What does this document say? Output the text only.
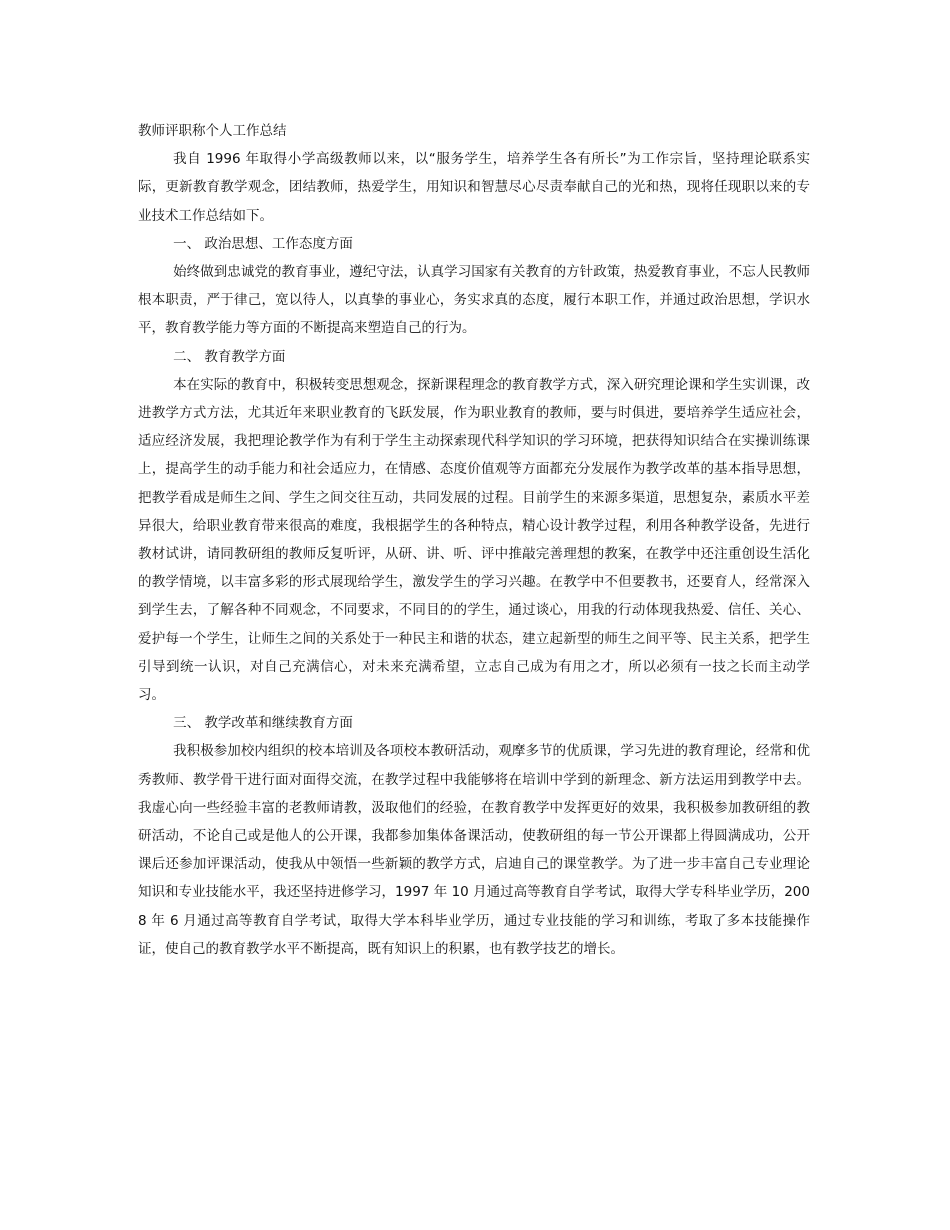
教师评职称个人工作总结

我自 1996 年取得小学高级教师以来，以“服务学生，培养学生各有所长”为工作宗旨，坚持理论联系实际，更新教育教学观念，团结教师，热爱学生，用知识和智慧尽心尽责奉献自己的光和热，现将任现职以来的专业技术工作总结如下。

一、 政治思想、工作态度方面

始终做到忠诚党的教育事业，遵纪守法，认真学习国家有关教育的方针政策，热爱教育事业，不忘人民教师根本职责，严于律己，宽以待人，以真挚的事业心，务实求真的态度，履行本职工作，并通过政治思想，学识水平，教育教学能力等方面的不断提高来塑造自己的行为。

二、 教育教学方面

本在实际的教育中，积极转变思想观念，探新课程理念的教育教学方式，深入研究理论课和学生实训课，改进教学方式方法，尤其近年来职业教育的飞跃发展，作为职业教育的教师，要与时俱进，要培养学生适应社会，适应经济发展，我把理论教学作为有利于学生主动探索现代科学知识的学习环境，把获得知识结合在实操训练课上，提高学生的动手能力和社会适应力，在情感、态度价值观等方面都充分发展作为教学改革的基本指导思想，把教学看成是师生之间、学生之间交往互动，共同发展的过程。目前学生的来源多渠道，思想复杂，素质水平差异很大，给职业教育带来很高的难度，我根据学生的各种特点，精心设计教学过程，利用各种教学设备，先进行教材试讲，请同教研组的教师反复听评，从研、讲、听、评中推敲完善理想的教案，在教学中还注重创设生活化的教学情境，以丰富多彩的形式展现给学生，激发学生的学习兴趣。在教学中不但要教书，还要育人，经常深入到学生去，了解各种不同观念，不同要求，不同目的的学生，通过谈心，用我的行动体现我热爱、信任、关心、爱护每一个学生，让师生之间的关系处于一种民主和谐的状态，建立起新型的师生之间平等、民主关系，把学生引导到统一认识，对自己充满信心，对未来充满希望，立志自己成为有用之才，所以必须有一技之长而主动学习。

三、 教学改革和继续教育方面

我积极参加校内组织的校本培训及各项校本教研活动，观摩多节的优质课，学习先进的教育理论，经常和优秀教师、教学骨干进行面对面得交流，在教学过程中我能够将在培训中学到的新理念、新方法运用到教学中去。我虚心向一些经验丰富的老教师请教，汲取他们的经验，在教育教学中发挥更好的效果，我积极参加教研组的教研活动，不论自己或是他人的公开课，我都参加集体备课活动，使教研组的每一节公开课都上得圆满成功，公开课后还参加评课活动，使我从中领悟一些新颖的教学方式，启迪自己的课堂教学。为了进一步丰富自己专业理论知识和专业技能水平，我还坚持进修学习，1997 年 10 月通过高等教育自学考试，取得大学专科毕业学历，2008 年 6 月通过高等教育自学考试，取得大学本科毕业学历，通过专业技能的学习和训练，考取了多本技能操作证，使自己的教育教学水平不断提高，既有知识上的积累，也有教学技艺的增长。
